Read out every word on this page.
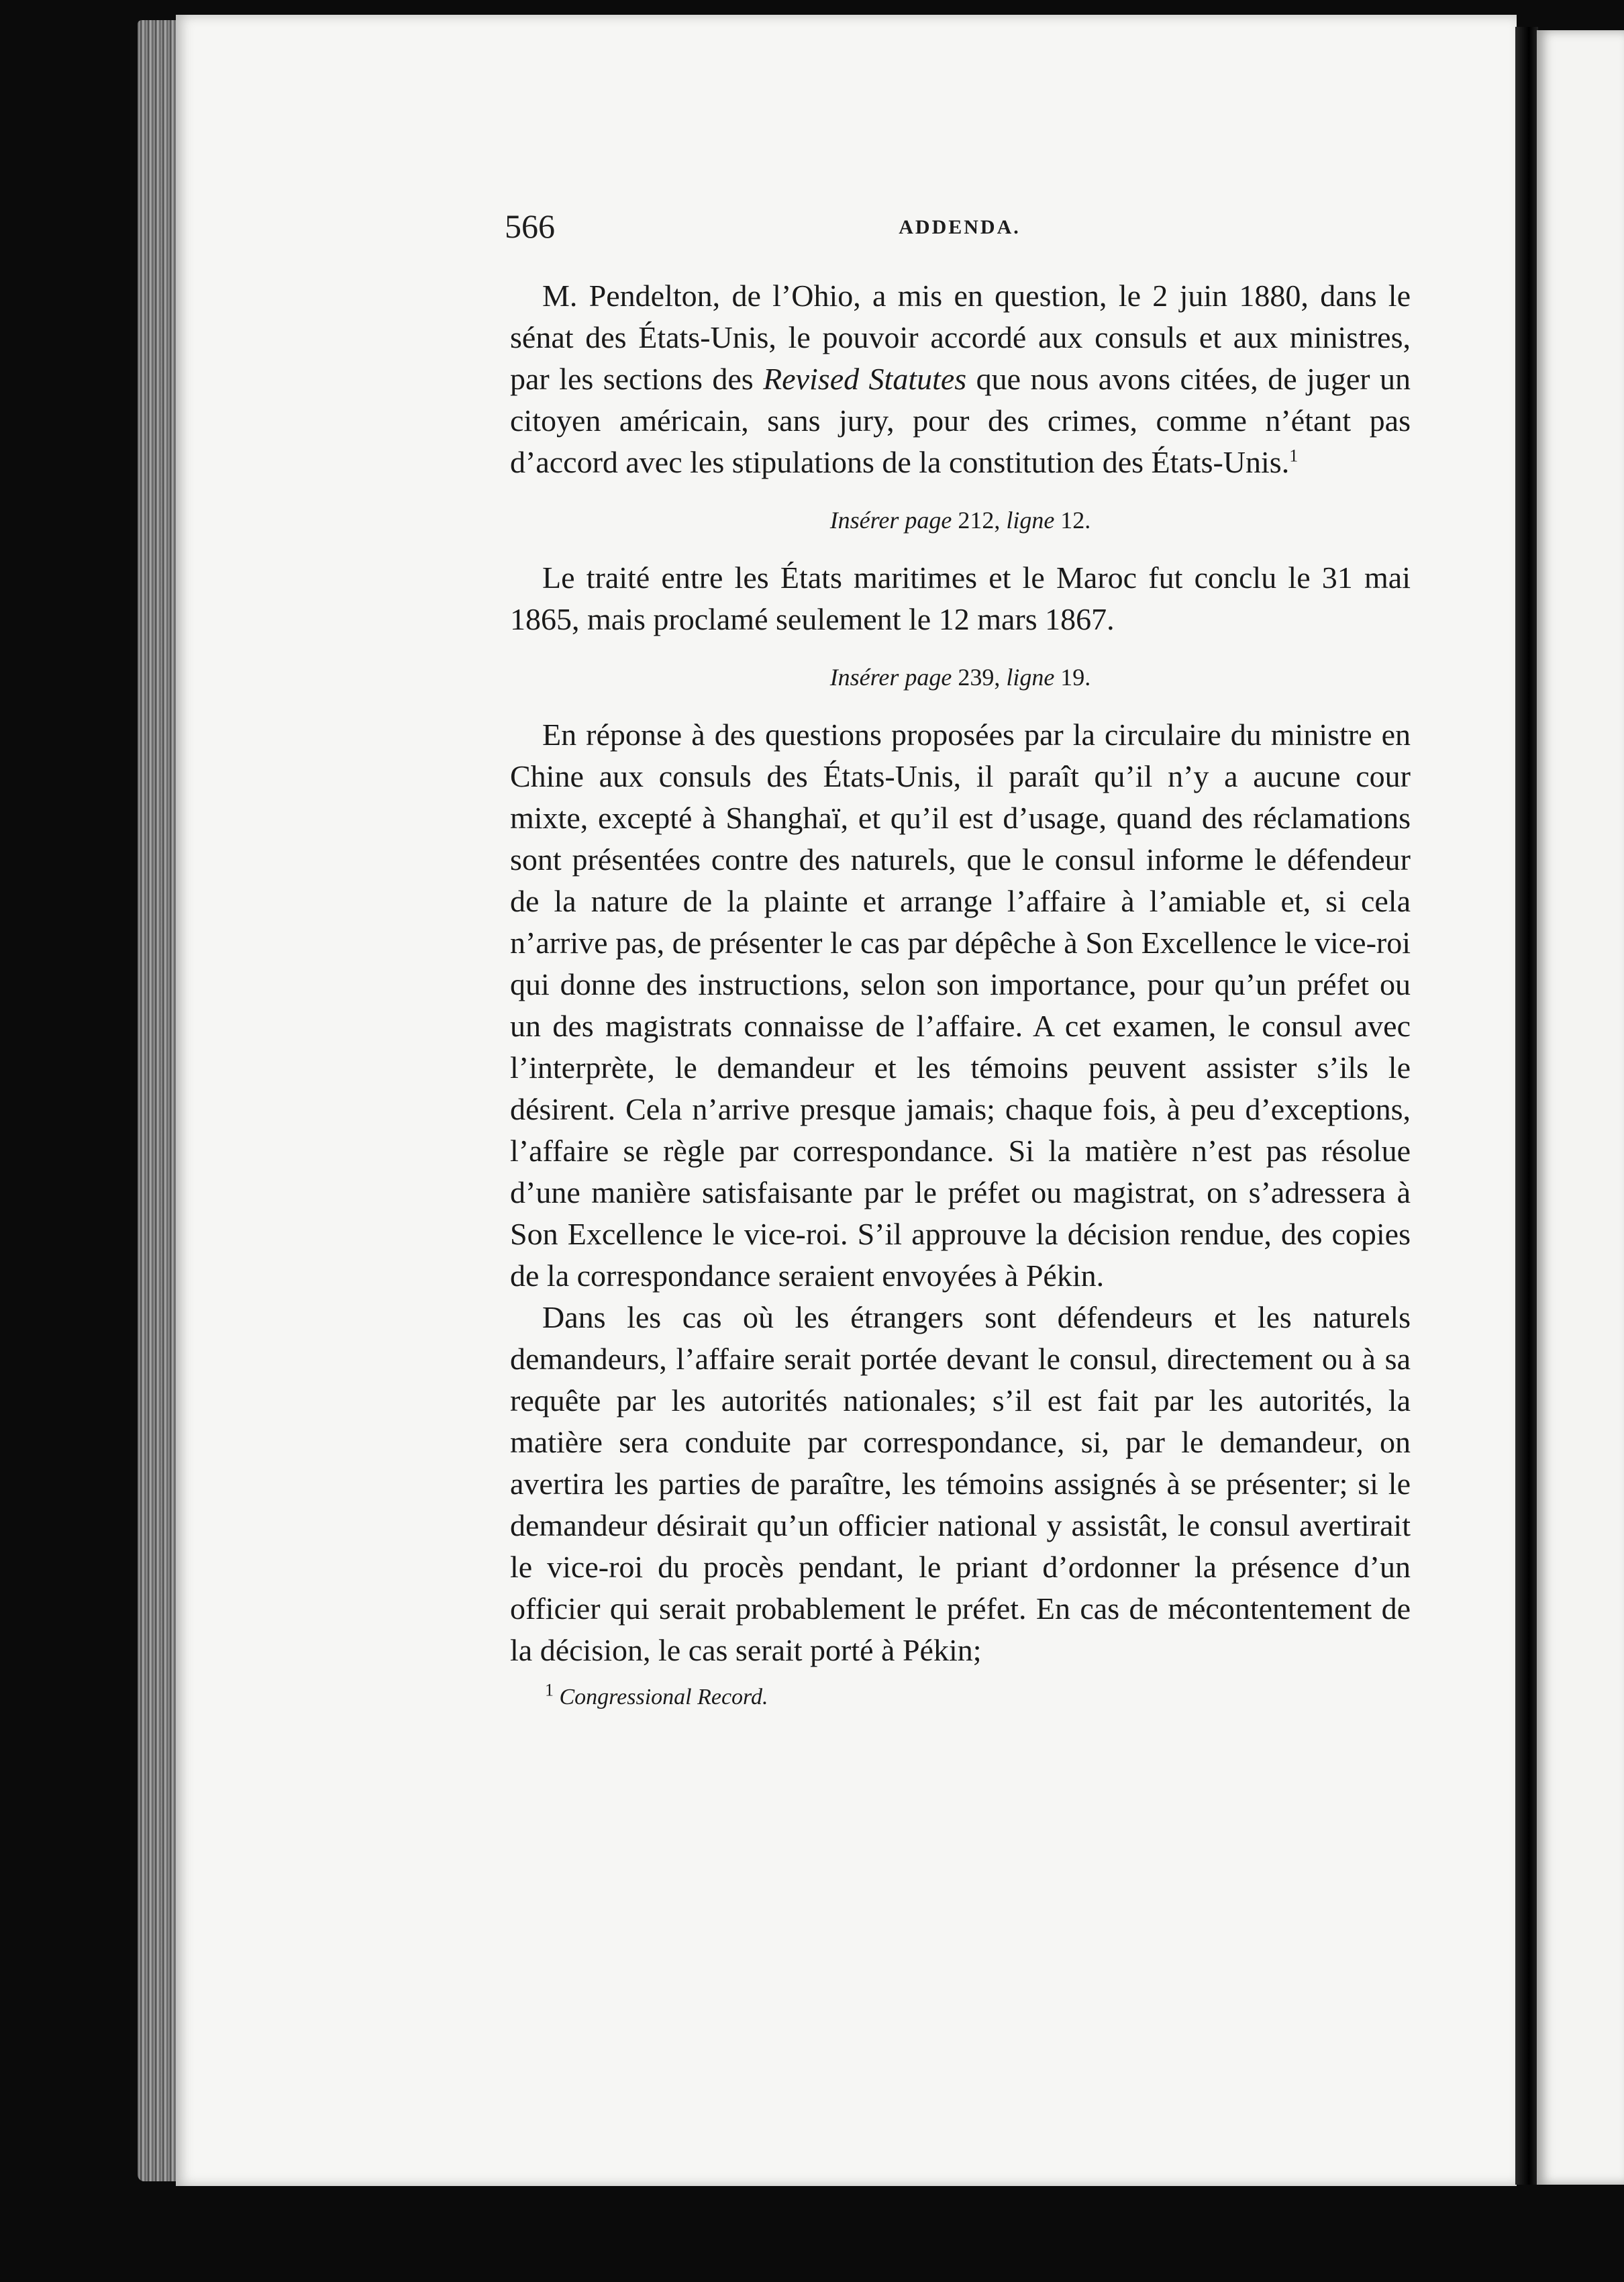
566	ADDENDA.

M. Pendelton, de l’Ohio, a mis en question, le 2 juin 1880, dans le sénat des États-Unis, le pouvoir accordé aux consuls et aux ministres, par les sections des Revised Statutes que nous avons citées, de juger un citoyen américain, sans jury, pour des crimes, comme n’étant pas d’accord avec les stipulations de la constitution des États-Unis.$^1$

Insérer page 212, ligne 12.

Le traité entre les États maritimes et le Maroc fut conclu le 31 mai 1865, mais proclamé seulement le 12 mars 1867.

Insérer page 239, ligne 19.

En réponse à des questions proposées par la circulaire du ministre en Chine aux consuls des États-Unis, il paraît qu’il n’y a aucune cour mixte, excepté à Shanghaï, et qu’il est d’usage, quand des réclamations sont présentées contre des naturels, que le consul informe le défendeur de la nature de la plainte et arrange l’affaire à l’amiable et, si cela n’arrive pas, de présenter le cas par dépêche à Son Excellence le vice-roi qui donne des instructions, selon son importance, pour qu’un préfet ou un des magistrats connaisse de l’affaire. A cet examen, le consul avec l’interprète, le demandeur et les témoins peuvent assister s’ils le désirent. Cela n’arrive presque jamais; chaque fois, à peu d’exceptions, l’affaire se règle par correspondance. Si la matière n’est pas résolue d’une manière satisfaisante par le préfet ou magistrat, on s’adressera à Son Excellence le vice-roi. S’il approuve la décision rendue, des copies de la correspondance seraient envoyées à Pékin.

Dans les cas où les étrangers sont défendeurs et les naturels demandeurs, l’affaire serait portée devant le consul, directement ou à sa requête par les autorités nationales; s’il est fait par les autorités, la matière sera conduite par correspondance, si, par le demandeur, on avertira les parties de paraître, les témoins assignés à se présenter; si le demandeur désirait qu’un officier national y assistât, le consul avertirait le vice-roi du procès pendant, le priant d’ordonner la présence d’un officier qui serait probablement le préfet. En cas de mécontentement de la décision, le cas serait porté à Pékin;

$^1$ Congressional Record.
